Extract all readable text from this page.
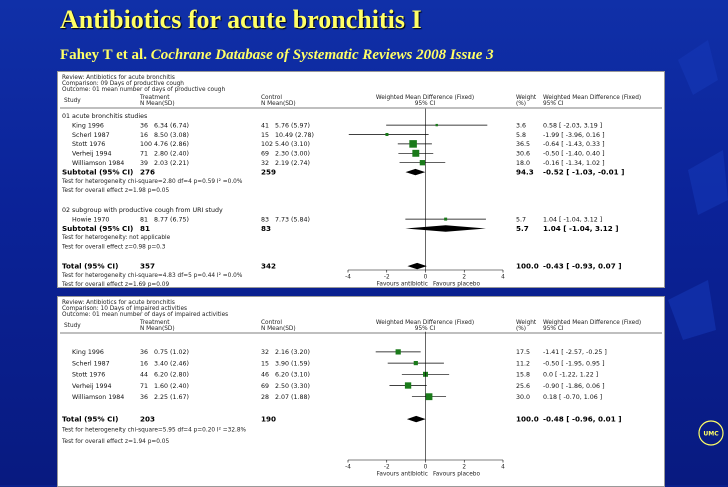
Antibiotics for acute bronchitis I

Fahey T et al. Cochrane Database of Systematic Reviews 2008 Issue 3

Review: Antibiotics for acute bronchitis
Comparison: 09 Days of productive cough
Outcome: 01 mean number of days of productive cough
Study	Treatment
N Mean(SD)
Control
N Mean(SD)
Weighted Mean Difference (Fixed)
95% CI
Weight
(%)
Weighted Mean Difference (Fixed)
95% CI
01 acute bronchitis studies
King 1996	36 6.34 (6.74)	41 5.76 (5.97)	3.6	0.58 [ -2.03, 3.19 ]
Scherl 1987	16 8.50 (3.08)	15 10.49 (2.78)	5.8	-1.99 [ -3.96, 0.16 ]
Stott 1976	100 4.76 (2.86)	102 5.40 (3.10)	36.5 -0.64 [ -1.43, 0.33 ]
Verheij 1994	71 2.80 (2.40)	69 2.30 (3.00)	30.6 -0.50 [ -1.40, 0.40 ]
Williamson 1984	39 2.03 (2.21)	32 2.19 (2.74)	18.0 -0.16 [ -1.34, 1.02 ]
Subtotal (95% CI) 276	259	94.3 -0.52 [ -1.03, -0.01 ]
Test for heterogeneity chi-square=2.80 df=4 p=0.59 I² =0.0%
Test for overall effect z=1.98 p=0.05
02 subgroup with productive cough from URI study
Howie 1970	81 8.77 (6.75)	83 7.73 (5.84)	5.7	1.04 [ -1.04, 3.12 ]
Subtotal (95% CI) 81	83	5.7 1.04 [ -1.04, 3.12 ]
Test for heterogeneity: not applicable
Test for overall effect z=0.98 p=0.3
Total (95% CI)	357	342	100.0 -0.43 [ -0.93, 0.07 ]
Test for heterogeneity chi-square=4.83 df=5 p=0.44 I² =0.0%
Test for overall effect z=1.69 p=0.09
-4	-2	0	2	4
Favours antibiotic Favours placebo
Review: Antibiotics for acute bronchitis
Comparison: 10 Days of impaired activities
Outcome: 01 mean number of days of impaired activities
Study	Treatment
N Mean(SD)
Control
N Mean(SD)
Weighted Mean Difference (Fixed)
95% CI
Weight
(%)
Weighted Mean Difference (Fixed)
95% CI
King 1996	36 0.75 (1.02)	32 2.16 (3.20)	17.5 -1.41 [ -2.57, -0.25 ]
Scherl 1987	16 3.40 (2.46)	15 3.90 (1.59)	11.2 -0.50 [ -1.95, 0.95 ]
Stott 1976	44 6.20 (2.80)	46 6.20 (3.10)	15.8 0.0 [ -1.22, 1.22 ]
Verheij 1994	71 1.60 (2.40)	69 2.50 (3.30)	25.6 -0.90 [ -1.86, 0.06 ]
Williamson 1984	36 2.25 (1.67)	28 2.07 (1.88)	30.0 0.18 [ -0.70, 1.06 ]
Total (95% CI)	203	190	100.0 -0.48 [ -0.96, 0.01 ]
Test for heterogeneity chi-square=5.95 df=4 p=0.20 I² =32.8%
Test for overall effect z=1.94 p=0.05
-4	-2	0	2	4
Favours antibiotic Favours placebo
UMC
